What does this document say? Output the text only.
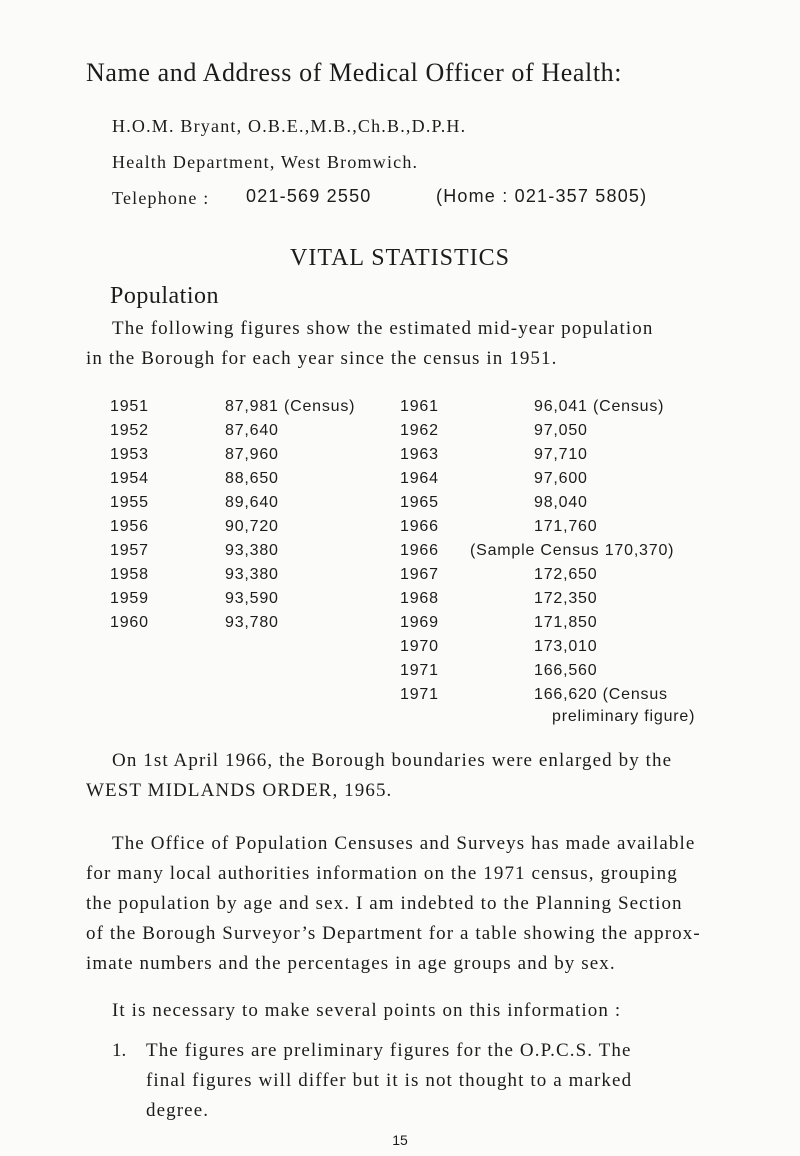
Name and Address of Medical Officer of Health:
H.O.M. Bryant, O.B.E.,M.B.,Ch.B.,D.P.H.
Health Department, West Bromwich.
Telephone : 021-569 2550	(Home : 021-357 5805)
VITAL STATISTICS
Population
The following figures show the estimated mid-year population
in the Borough for each year since the census in 1951.
1951	87,981 (Census)
1952	87,640
1953	87,960
1954	88,650
1955	89,640
1956	90,720
1957	93,380
1958	93,380
1959	93,590
1960	93,780
1961	96,041 (Census)
1962	97,050
1963	97,710
1964	97,600
1965	98,040
1966	171,760
1966 (Sample Census 170,370)
1967	172,650
1968	172,350
1969	171,850
1970	173,010
1971	166,560
1971	166,620 (Census
preliminary figure)
On 1st April 1966, the Borough boundaries were enlarged by the
WEST MIDLANDS ORDER, 1965.
The Office of Population Censuses and Surveys has made available
for many local authorities information on the 1971 census, grouping
the population by age and sex. I am indebted to the Planning Section
of the Borough Surveyor’s Department for a table showing the approx-
imate numbers and the percentages in age groups and by sex.
It is necessary to make several points on this information :
1. The figures are preliminary figures for the O.P.C.S. The
final figures will differ but it is not thought to a marked
degree.
15
